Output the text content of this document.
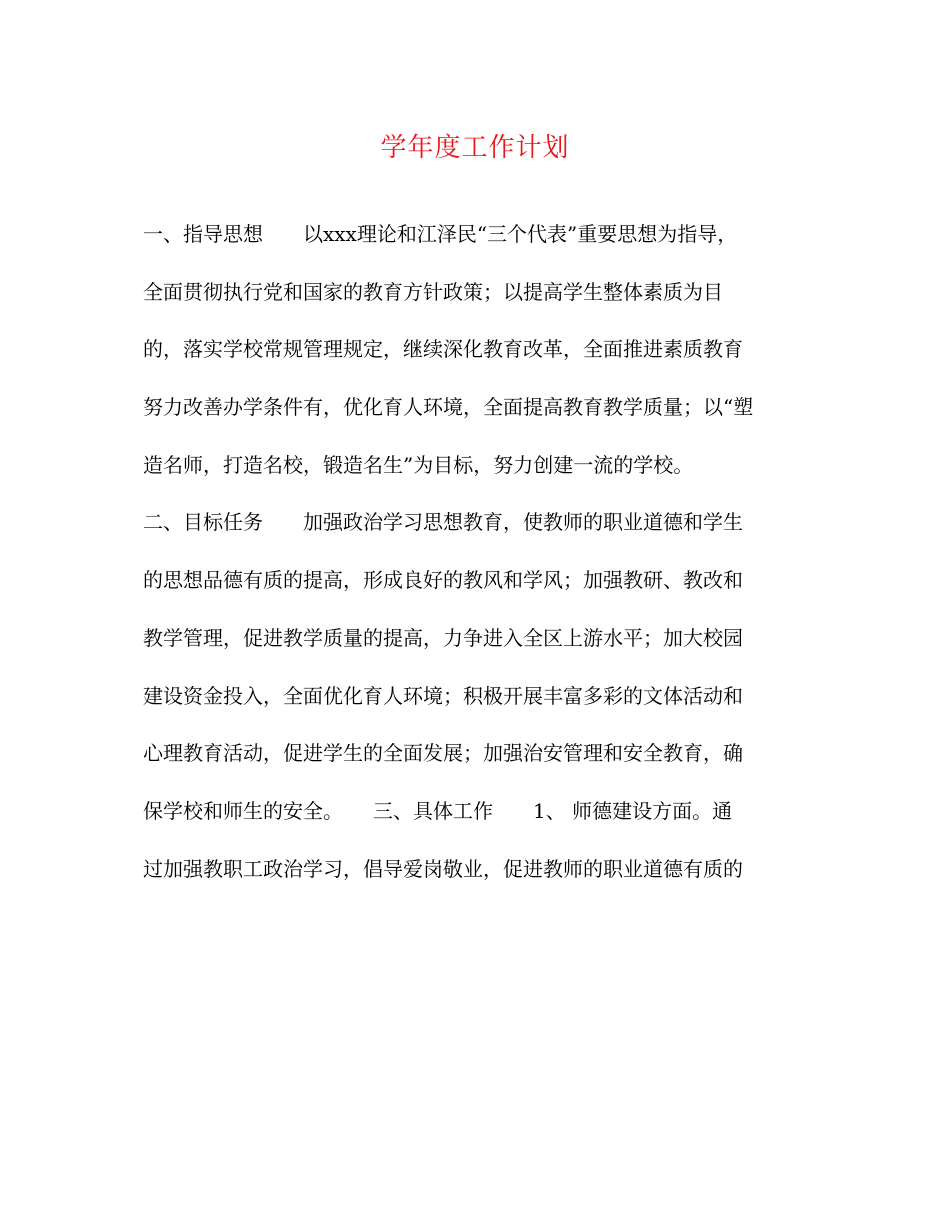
学年度工作计划
一、指导思想　　以xxx理论和江泽民“三个代表”重要思想为指导，
全面贯彻执行党和国家的教育方针政策；以提高学生整体素质为目
的，落实学校常规管理规定，继续深化教育改革，全面推进素质教育
努力改善办学条件有，优化育人环境，全面提高教育教学质量；以“塑
造名师，打造名校，锻造名生”为目标，努力创建一流的学校。
二、目标任务　　加强政治学习思想教育，使教师的职业道德和学生
的思想品德有质的提高，形成良好的教风和学风；加强教研、教改和
教学管理，促进教学质量的提高，力争进入全区上游水平；加大校园
建设资金投入，全面优化育人环境；积极开展丰富多彩的文体活动和
心理教育活动，促进学生的全面发展；加强治安管理和安全教育，确
保学校和师生的安全。　　三、具体工作　　1、 师德建设方面。通
过加强教职工政治学习，倡导爱岗敬业，促进教师的职业道德有质的
